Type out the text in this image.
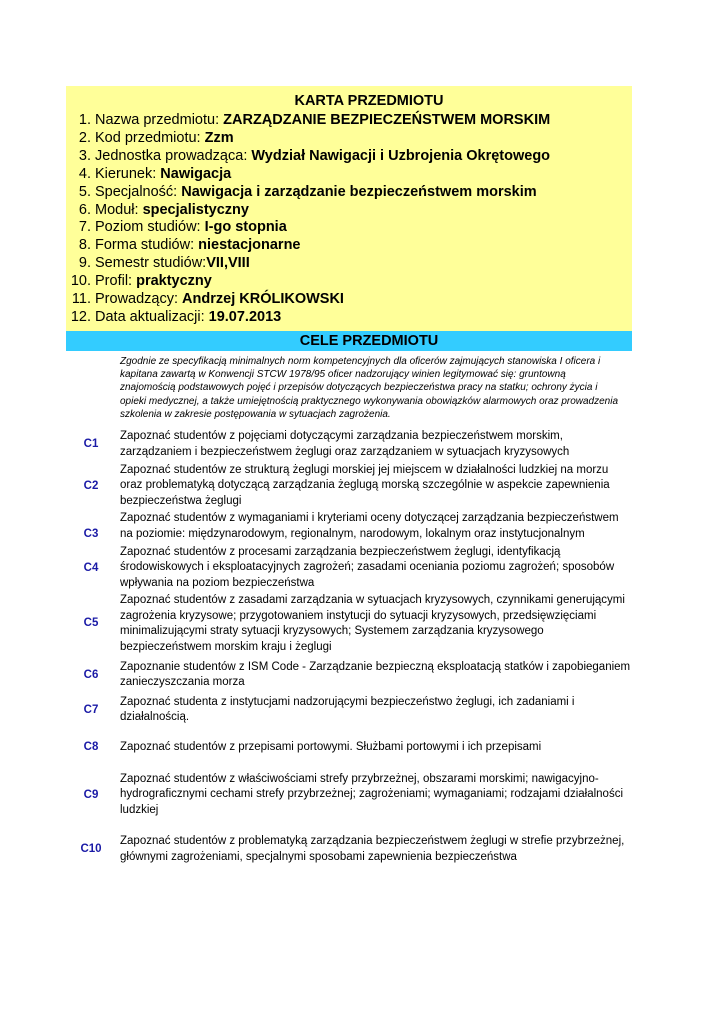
KARTA PRZEDMIOTU
1. Nazwa przedmiotu: ZARZĄDZANIE BEZPIECZEŃSTWEM MORSKIM
2. Kod przedmiotu: Zzm
3. Jednostka prowadząca: Wydział Nawigacji i Uzbrojenia Okrętowego
4. Kierunek: Nawigacja
5. Specjalność: Nawigacja i zarządzanie bezpieczeństwem morskim
6. Moduł: specjalistyczny
7. Poziom studiów: I-go stopnia
8. Forma studiów: niestacjonarne
9. Semestr studiów:VII,VIII
10. Profil: praktyczny
11. Prowadzący: Andrzej KRÓLIKOWSKI
12. Data aktualizacji: 19.07.2013
CELE PRZEDMIOTU
Zgodnie ze specyfikacją minimalnych norm kompetencyjnych dla oficerów zajmujących stanowiska I oficera i kapitana zawartą w Konwencji STCW 1978/95 oficer nadzorujący winien legitymować się: gruntowną znajomością podstawowych pojęć i przepisów dotyczących bezpieczeństwa pracy na statku; ochrony życia i opieki medycznej, a także umiejętnością praktycznego wykonywania obowiązków alarmowych oraz prowadzenia szkolenia w zakresie postępowania w sytuacjach zagrożenia.
C1
Zapoznać studentów z pojęciami dotyczącymi zarządzania bezpieczeństwem morskim, zarządzaniem i bezpieczeństwem żeglugi oraz zarządzaniem w sytuacjach kryzysowych
C2
Zapoznać studentów ze strukturą żeglugi morskiej jej miejscem w działalności ludzkiej na morzu oraz problematyką dotyczącą zarządzania żeglugą morską szczególnie w aspekcie zapewnienia bezpieczeństwa żeglugi
C3
Zapoznać studentów z wymaganiami i kryteriami oceny dotyczącej zarządzania bezpieczeństwem na poziomie: międzynarodowym, regionalnym, narodowym, lokalnym oraz instytucjonalnym
C4
Zapoznać studentów z procesami zarządzania bezpieczeństwem żeglugi, identyfikacją środowiskowych i eksploatacyjnych zagrożeń; zasadami oceniania poziomu zagrożeń; sposobów wpływania na poziom bezpieczeństwa
C5
Zapoznać studentów z zasadami zarządzania w sytuacjach kryzysowych, czynnikami generującymi zagrożenia kryzysowe; przygotowaniem instytucji do sytuacji kryzysowych, przedsięwzięciami minimalizującymi straty sytuacji kryzysowych; Systemem zarządzania kryzysowego bezpieczeństwem morskim kraju i żeglugi
C6
Zapoznanie studentów z ISM Code - Zarządzanie bezpieczną eksploatacją statków i zapobieganiem zanieczyszczania morza
C7
Zapoznać studenta z instytucjami nadzorującymi bezpieczeństwo żeglugi, ich zadaniami i działalnością.
C8	Zapoznać studentów z przepisami portowymi. Służbami portowymi i ich przepisami
C9
Zapoznać studentów z właściwościami strefy przybrzeżnej, obszarami morskimi; nawigacyjno-hydrograficznymi cechami strefy przybrzeżnej; zagrożeniami; wymaganiami; rodzajami działalności ludzkiej
C10
Zapoznać studentów z problematyką zarządzania bezpieczeństwem żeglugi w strefie przybrzeżnej, głównymi zagrożeniami, specjalnymi sposobami zapewnienia bezpieczeństwa
